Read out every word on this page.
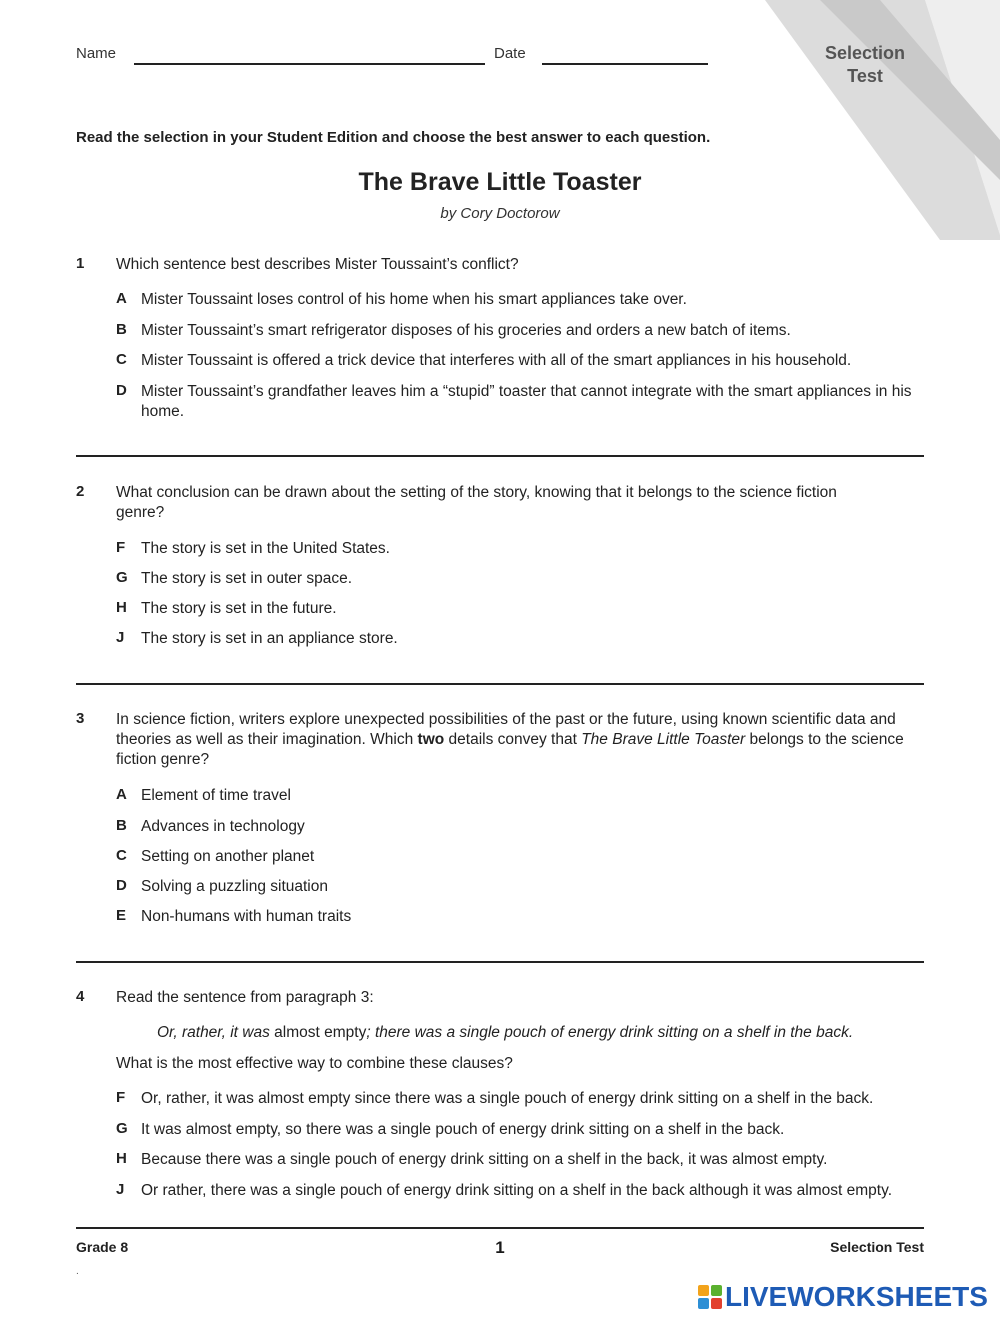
Name	Date	Selection
Test
Read the selection in your Student Edition and choose the best answer to each question.
The Brave Little Toaster
by Cory Doctorow
1 Which sentence best describes Mister Toussaint’s conflict?
A Mister Toussaint loses control of his home when his smart appliances take over.
B Mister Toussaint’s smart refrigerator disposes of his groceries and orders a new batch of items.
C Mister Toussaint is offered a trick device that interferes with all of the smart appliances in his household.
D Mister Toussaint’s grandfather leaves him a “stupid” toaster that cannot integrate with the smart appliances in his home.
2 What conclusion can be drawn about the setting of the story, knowing that it belongs to the science fiction genre?
F The story is set in the United States.
G The story is set in outer space.
H The story is set in the future.
J The story is set in an appliance store.
3 In science fiction, writers explore unexpected possibilities of the past or the future, using known scientific data and theories as well as their imagination. Which two details convey that The Brave Little Toaster belongs to the science fiction genre?
A Element of time travel
B Advances in technology
C Setting on another planet
D Solving a puzzling situation
E Non-humans with human traits
4 Read the sentence from paragraph 3:
Or, rather, it was almost empty; there was a single pouch of energy drink sitting on a shelf in the back.
What is the most effective way to combine these clauses?
F Or, rather, it was almost empty since there was a single pouch of energy drink sitting on a shelf in the back.
G It was almost empty, so there was a single pouch of energy drink sitting on a shelf in the back.
H Because there was a single pouch of energy drink sitting on a shelf in the back, it was almost empty.
J Or rather, there was a single pouch of energy drink sitting on a shelf in the back although it was almost empty.
Grade 8	1	Selection Test
.
LIVEWORKSHEETS
